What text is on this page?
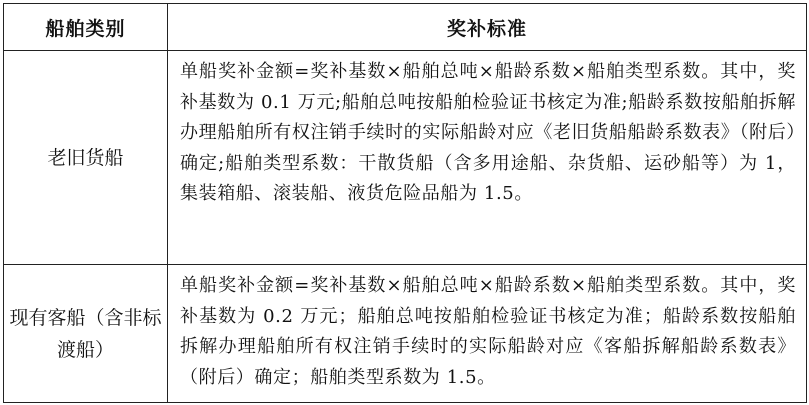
船舶类别	奖补标准
老旧货船	单船奖补金额=奖补基数×船舶总吨×船龄系数×船舶类型系数。其中，奖补基数为 0.1 万元;船舶总吨按船舶检验证书核定为准;船龄系数按船舶拆解办理船舶所有权注销手续时的实际船龄对应《老旧货船船龄系数表》（附后）确定;船舶类型系数：干散货船（含多用途船、杂货船、运砂船等）为 1，集装箱船、滚装船、液货危险品船为 1.5。
现有客船（含非标渡船）	单船奖补金额=奖补基数×船舶总吨×船龄系数×船舶类型系数。其中，奖补基数为 0.2 万元；船舶总吨按船舶检验证书核定为准；船龄系数按船舶拆解办理船舶所有权注销手续时的实际船龄对应《客船拆解船龄系数表》（附后）确定；船舶类型系数为 1.5。
